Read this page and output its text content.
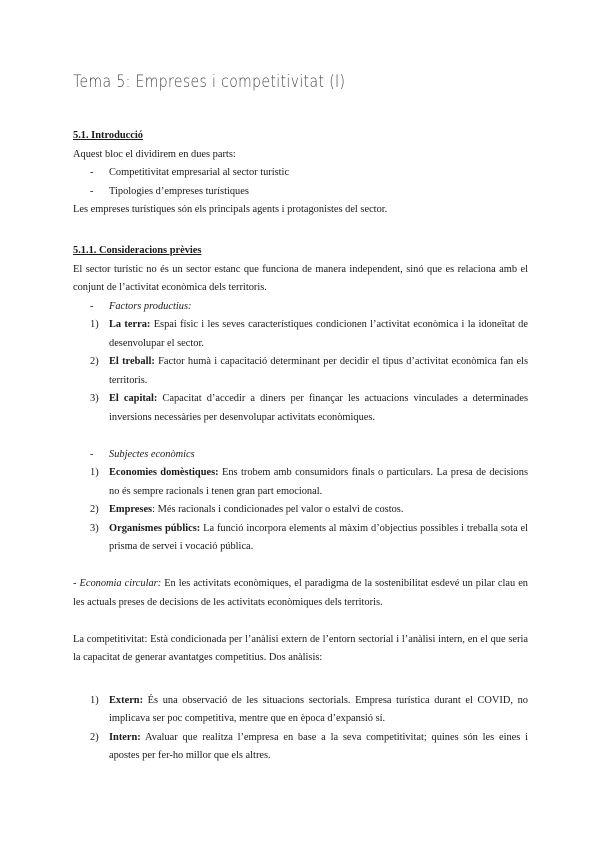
Tema 5: Empreses i competitivitat (I)
5.1. Introducció
Aquest bloc el dividirem en dues parts:
- Competitivitat empresarial al sector turístic
- Tipologies d’empreses turístiques
Les empreses turístiques són els principals agents i protagonistes del sector.
5.1.1. Consideracions prèvies
El sector turístic no és un sector estanc que funciona de manera independent, sinó que es relaciona amb el conjunt de l’activitat econòmica dels territoris.
- Factors productius:
1) La terra: Espai físic i les seves característiques condicionen l’activitat econòmica i la idoneïtat de desenvolupar el sector.
2) El treball: Factor humà i capacitació determinant per decidir el tipus d’activitat econòmica fan els territoris.
3) El capital: Capacitat d’accedir a diners per finançar les actuacions vinculades a determinades inversions necessàries per desenvolupar activitats econòmiques.
- Subjectes econòmics
1) Economies domèstiques: Ens trobem amb consumidors finals o particulars. La presa de decisions no és sempre racionals i tenen gran part emocional.
2) Empreses: Més racionals i condicionades pel valor o estalvi de costos.
3) Organismes públics: La funció incorpora elements al màxim d’objectius possibles i treballa sota el prisma de servei i vocació pública.
- Economia circular: En les activitats econòmiques, el paradigma de la sostenibilitat esdevé un pilar clau en les actuals preses de decisions de les activitats econòmiques dels territoris.
La competitivitat: Està condicionada per l’anàlisi extern de l’entorn sectorial i l’anàlisi intern, en el que seria la capacitat de generar avantatges competitius. Dos anàlisis:
1) Extern: És una observació de les situacions sectorials. Empresa turística durant el COVID, no implicava ser poc competitiva, mentre que en època d’expansió sí.
2) Intern: Avaluar que realitza l’empresa en base a la seva competitivitat; quines són les eines i apostes per fer-ho millor que els altres.
